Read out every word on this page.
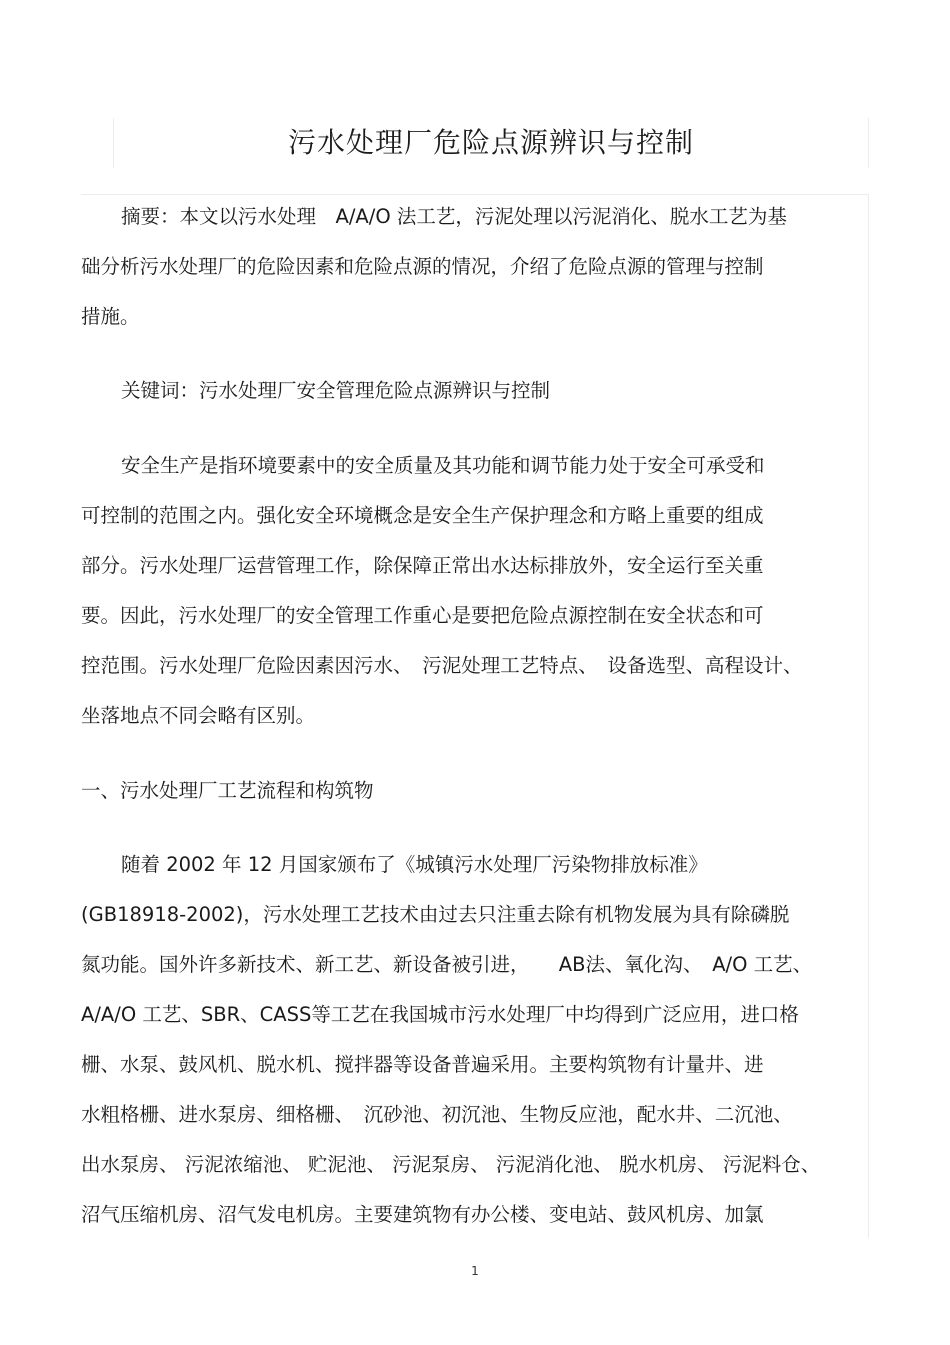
污水处理厂危险点源辨识与控制
摘要：本文以污水处理　A/A/O 法工艺，污泥处理以污泥消化、脱水工艺为基
础分析污水处理厂的危险因素和危险点源的情况，介绍了危险点源的管理与控制
措施。
关键词：污水处理厂安全管理危险点源辨识与控制
安全生产是指环境要素中的安全质量及其功能和调节能力处于安全可承受和
可控制的范围之内。强化安全环境概念是安全生产保护理念和方略上重要的组成
部分。污水处理厂运营管理工作，除保障正常出水达标排放外，安全运行至关重
要。因此，污水处理厂的安全管理工作重心是要把危险点源控制在安全状态和可
控范围。污水处理厂危险因素因污水、　污泥处理工艺特点、　设备选型、高程设计、
坐落地点不同会略有区别。
一、污水处理厂工艺流程和构筑物
随着 2002 年 12 月国家颁布了《城镇污水处理厂污染物排放标准》
(GB18918-2002)，污水处理工艺技术由过去只注重去除有机物发展为具有除磷脱
氮功能。国外许多新技术、新工艺、新设备被引进，　　AB法、氧化沟、　A/O 工艺、
A/A/O 工艺、SBR、CASS等工艺在我国城市污水处理厂中均得到广泛应用，进口格
栅、水泵、鼓风机、脱水机、搅拌器等设备普遍采用。主要构筑物有计量井、进
水粗格栅、进水泵房、细格栅、　沉砂池、初沉池、生物反应池，配水井、二沉池、
出水泵房、 污泥浓缩池、 贮泥池、 污泥泵房、 污泥消化池、 脱水机房、 污泥料仓、
沼气压缩机房、沼气发电机房。主要建筑物有办公楼、变电站、鼓风机房、加氯
1
